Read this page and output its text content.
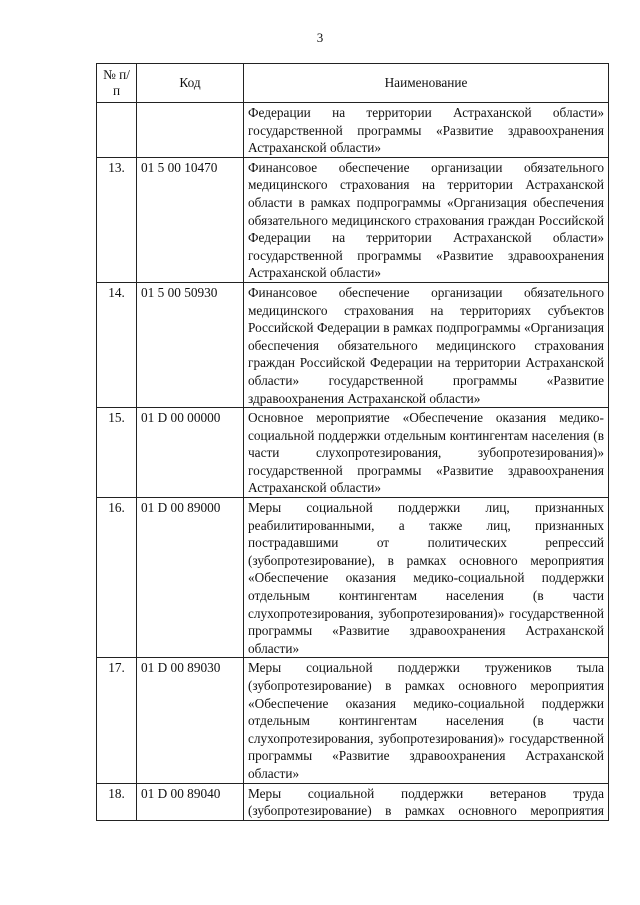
3
№ п/п	Код	Наименование
		Федерации на территории Астраханской области» государственной программы «Развитие здравоохранения Астраханской области»
13.	01 5 00 10470	Финансовое обеспечение организации обязательного медицинского страхования на территории Астраханской области в рамках подпрограммы «Организация обеспечения обязательного медицинского страхования граждан Российской Федерации на территории Астраханской области» государственной программы «Развитие здравоохранения Астраханской области»
14.	01 5 00 50930	Финансовое обеспечение организации обязательного медицинского страхования на территориях субъектов Российской Федерации в рамках подпрограммы «Организация обеспечения обязательного медицинского страхования граждан Российской Федерации на территории Астраханской области» государственной программы «Развитие здравоохранения Астраханской области»
15.	01 D 00 00000	Основное мероприятие «Обеспечение оказания медико-социальной поддержки отдельным контингентам населения (в части слухопротезирования, зубопротезирования)» государственной программы «Развитие здравоохранения Астраханской области»
16.	01 D 00 89000	Меры социальной поддержки лиц, признанных реабилитированными, а также лиц, признанных пострадавшими от политических репрессий (зубопротезирование), в рамках основного мероприятия «Обеспечение оказания медико-социальной поддержки отдельным контингентам населения (в части слухопротезирования, зубопротезирования)» государственной программы «Развитие здравоохранения Астраханской области»
17.	01 D 00 89030	Меры социальной поддержки тружеников тыла (зубопротезирование) в рамках основного мероприятия «Обеспечение оказания медико-социальной поддержки отдельным контингентам населения (в части слухопротезирования, зубопротезирования)» государственной программы «Развитие здравоохранения Астраханской области»
18.	01 D 00 89040	Меры социальной поддержки ветеранов труда (зубопротезирование) в рамках основного мероприятия
